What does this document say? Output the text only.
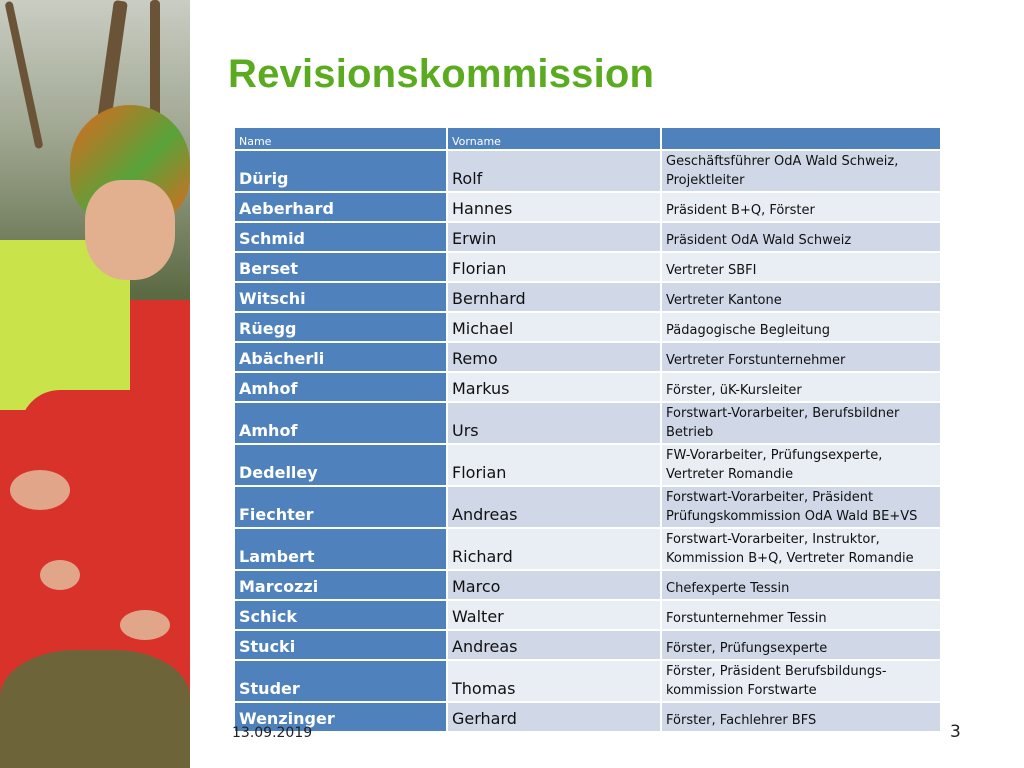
Revisionskommission
Name	Vorname	
Dürig	Rolf	Geschäftsführer OdA Wald Schweiz, Projektleiter
Aeberhard	Hannes	Präsident B+Q, Förster
Schmid	Erwin	Präsident OdA Wald Schweiz
Berset	Florian	Vertreter SBFI
Witschi	Bernhard	Vertreter Kantone
Rüegg	Michael	Pädagogische Begleitung
Abächerli	Remo	Vertreter Forstunternehmer
Amhof	Markus	Förster, üK-Kursleiter
Amhof	Urs	Forstwart-Vorarbeiter, Berufsbildner Betrieb
Dedelley	Florian	FW-Vorarbeiter, Prüfungsexperte, Vertreter Romandie
Fiechter	Andreas	Forstwart-Vorarbeiter, Präsident Prüfungskommission OdA Wald BE+VS
Lambert	Richard	Forstwart-Vorarbeiter, Instruktor, Kommission B+Q, Vertreter Romandie
Marcozzi	Marco	Chefexperte Tessin
Schick	Walter	Forstunternehmer Tessin
Stucki	Andreas	Förster, Prüfungsexperte
Studer	Thomas	Förster, Präsident Berufsbildungs-kommission Forstwarte
Wenzinger	Gerhard	Förster, Fachlehrer BFS
13.09.2019	3
